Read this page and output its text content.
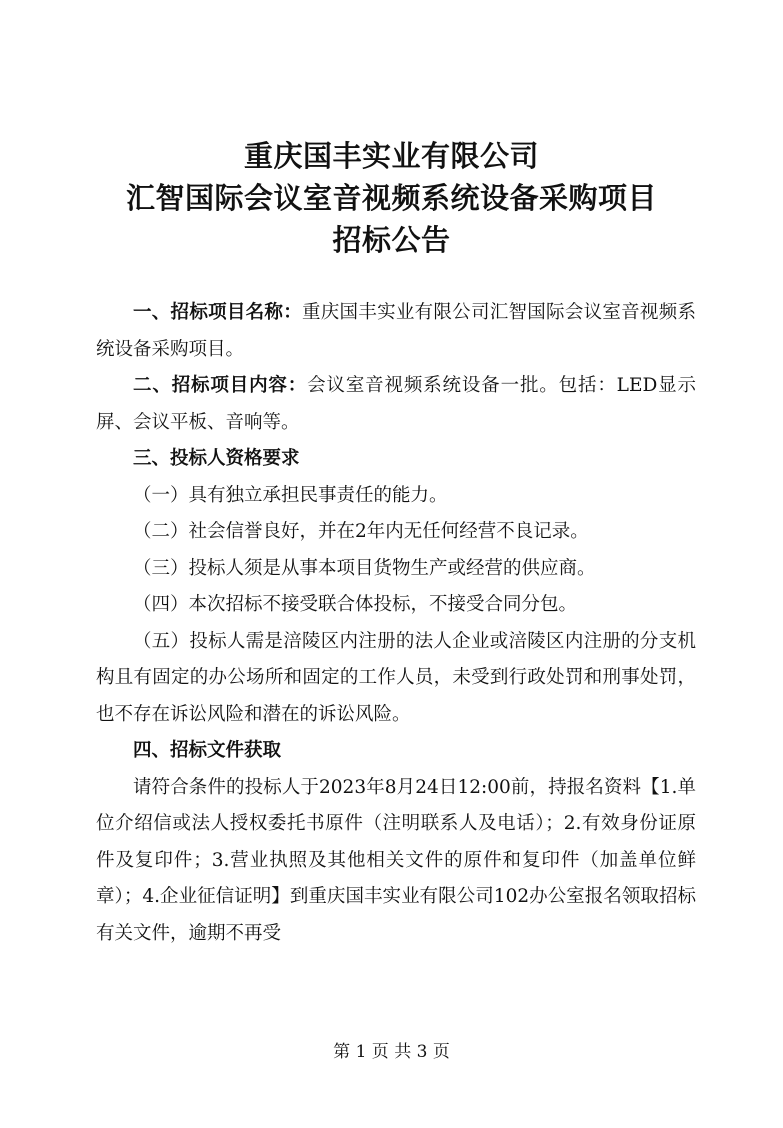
重庆国丰实业有限公司
汇智国际会议室音视频系统设备采购项目
招标公告

一、招标项目名称：重庆国丰实业有限公司汇智国际会议室音视频系统设备采购项目。

二、招标项目内容：会议室音视频系统设备一批。包括：LED显示屏、会议平板、音响等。

三、投标人资格要求

（一）具有独立承担民事责任的能力。

（二）社会信誉良好，并在2年内无任何经营不良记录。

（三）投标人须是从事本项目货物生产或经营的供应商。

（四）本次招标不接受联合体投标，不接受合同分包。

（五）投标人需是涪陵区内注册的法人企业或涪陵区内注册的分支机构且有固定的办公场所和固定的工作人员，未受到行政处罚和刑事处罚，也不存在诉讼风险和潜在的诉讼风险。

四、招标文件获取

请符合条件的投标人于2023年8月24日12:00前，持报名资料【1.单位介绍信或法人授权委托书原件（注明联系人及电话）；2.有效身份证原件及复印件；3.营业执照及其他相关文件的原件和复印件（加盖单位鲜章）；4.企业征信证明】到重庆国丰实业有限公司102办公室报名领取招标有关文件，逾期不再受

第 1 页 共 3 页
